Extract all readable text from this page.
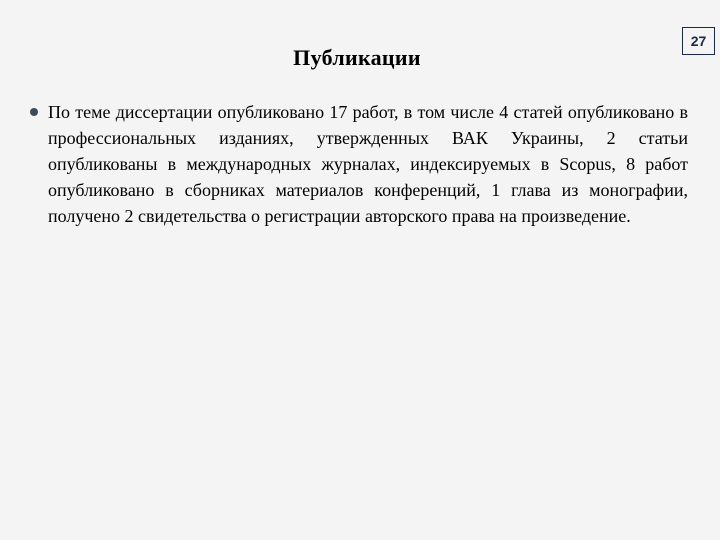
Публикации
27
По теме диссертации опубликовано 17 работ, в том числе 4 статей опубликовано в профессиональных изданиях, утвержденных ВАК Украины, 2 статьи опубликованы в международных журналах, индексируемых в Scopus, 8 работ опубликовано в сборниках материалов конференций, 1 глава из монографии, получено 2 свидетельства о регистрации авторского права на произведение.
